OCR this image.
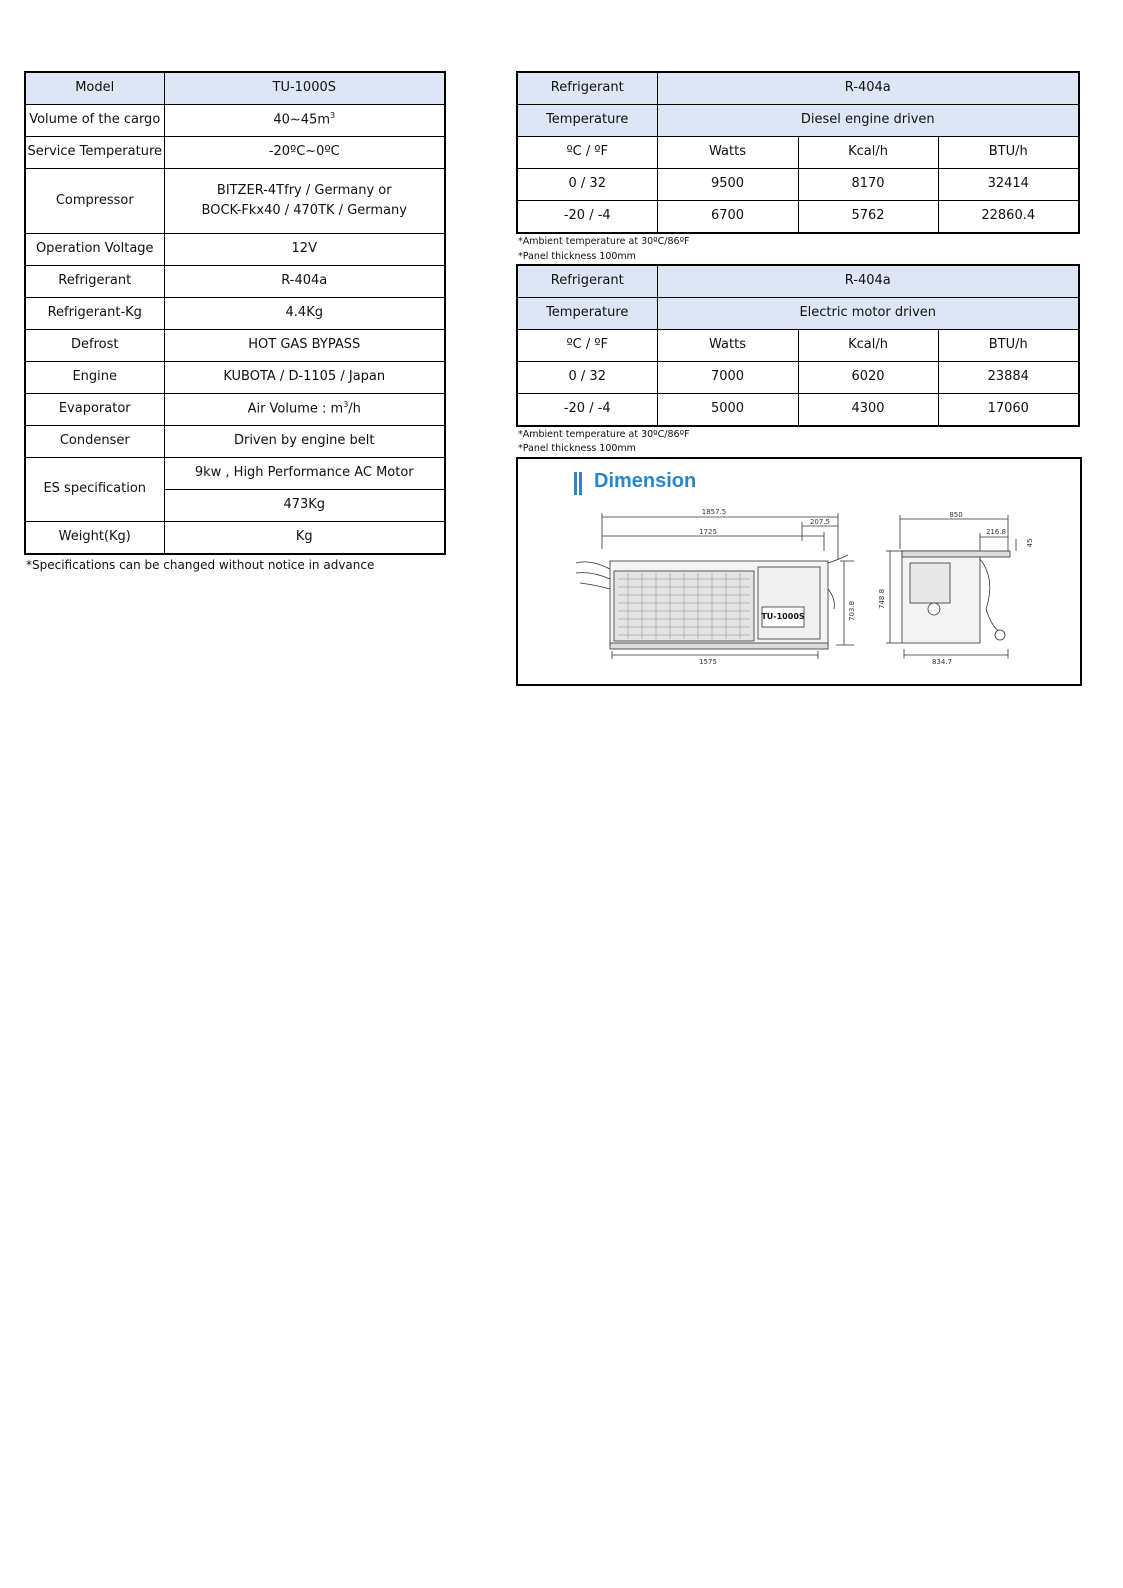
Model	TU-1000S
Volume of the cargo	$40\sim 45m^3$
Service Temperature	-20ºC~0ºC
Compressor	BITZER-4Tfry / Germany or
BOCK-Fkx40 / 470TK / Germany

Operation Voltage	12V
Refrigerant	R-404a
Refrigerant-Kg	4.4Kg
Defrost	HOT GAS BYPASS
Engine	KUBOTA / D-1105 / Japan
Evaporator	Air Volume : $m^3/h$
Condenser	Driven by engine belt
ES specification	9kw , High Performance AC Motor
	473Kg
Weight(Kg)	Kg
*Specifications can be changed without notice in advance
Refrigerant	R-404a		
Temperature	Diesel engine driven		
ºC / ºF	Watts	Kcal/h	BTU/h
0 / 32	9500	8170	32414
-20 / -4	6700	5762	22860.4
*Ambient temperature at 30ºC/86ºF
*Panel thickness 100mm
Refrigerant	R-404a		
Temperature	Electric motor driven		
ºC / ºF	Watts	Kcal/h	BTU/h
0 / 32	7000	6020	23884
-20 / -4	5000	4300	17060
*Ambient temperature at 30ºC/86ºF
*Panel thickness 100mm
Dimension
1857.5
1725
207.5
1575
703.8
TU-1000S
850
216.8
45
748.8
834.7
